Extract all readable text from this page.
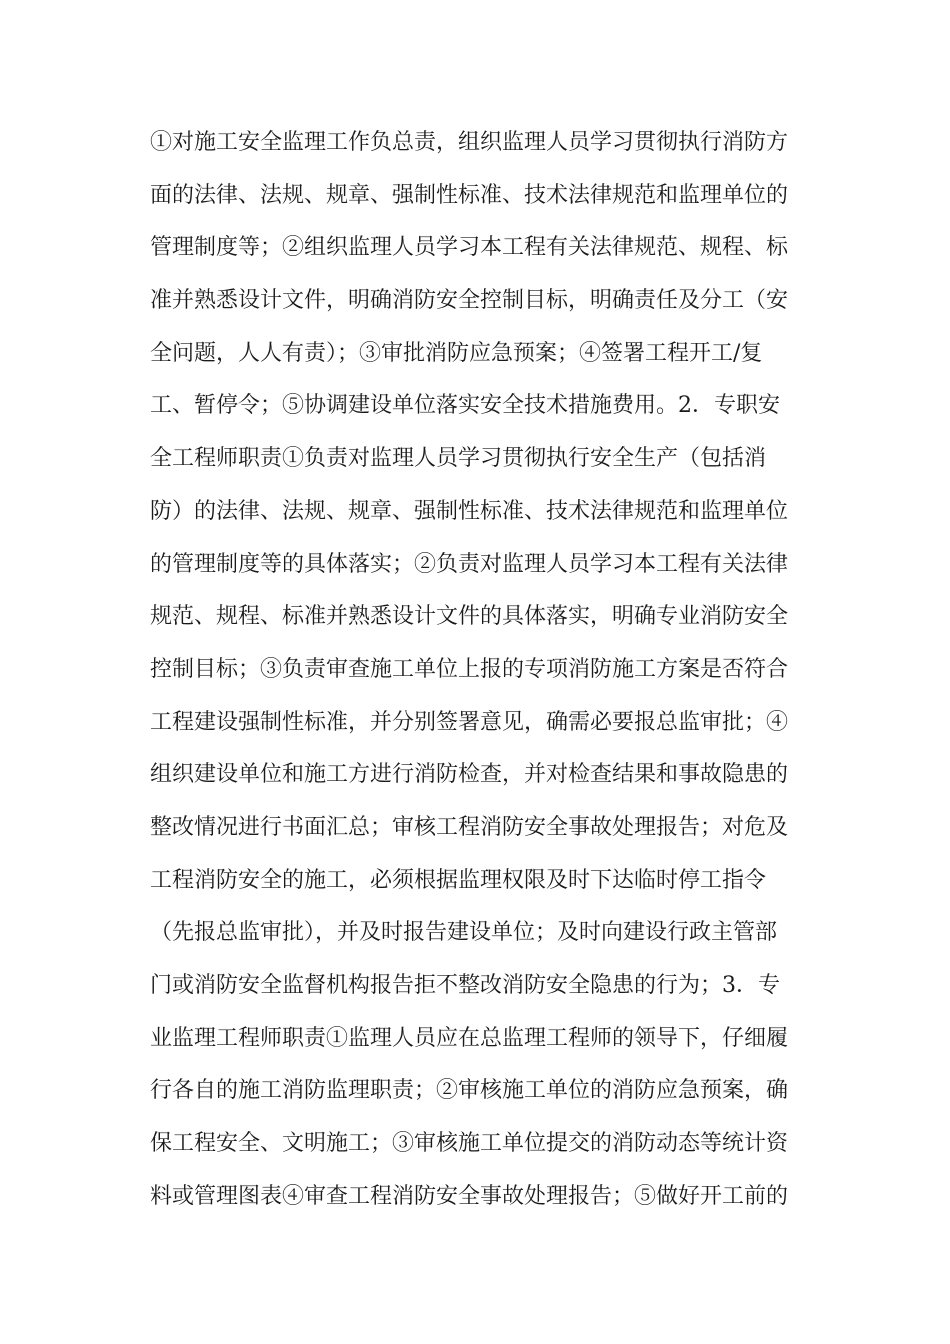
①对施工安全监理工作负总责，组织监理人员学习贯彻执行消防方
面的法律、法规、规章、强制性标准、技术法律规范和监理单位的
管理制度等；②组织监理人员学习本工程有关法律规范、规程、标
准并熟悉设计文件，明确消防安全控制目标，明确责任及分工（安
全问题，人人有责）；③审批消防应急预案；④签署工程开工/复
工、暂停令；⑤协调建设单位落实安全技术措施费用。2．专职安
全工程师职责①负责对监理人员学习贯彻执行安全生产（包括消
防）的法律、法规、规章、强制性标准、技术法律规范和监理单位
的管理制度等的具体落实；②负责对监理人员学习本工程有关法律
规范、规程、标准并熟悉设计文件的具体落实，明确专业消防安全
控制目标；③负责审查施工单位上报的专项消防施工方案是否符合
工程建设强制性标准，并分别签署意见，确需必要报总监审批；④
组织建设单位和施工方进行消防检查，并对检查结果和事故隐患的
整改情况进行书面汇总；审核工程消防安全事故处理报告；对危及
工程消防安全的施工，必须根据监理权限及时下达临时停工指令
（先报总监审批），并及时报告建设单位；及时向建设行政主管部
门或消防安全监督机构报告拒不整改消防安全隐患的行为；3．专
业监理工程师职责①监理人员应在总监理工程师的领导下，仔细履
行各自的施工消防监理职责；②审核施工单位的消防应急预案，确
保工程安全、文明施工；③审核施工单位提交的消防动态等统计资
料或管理图表④审查工程消防安全事故处理报告；⑤做好开工前的
